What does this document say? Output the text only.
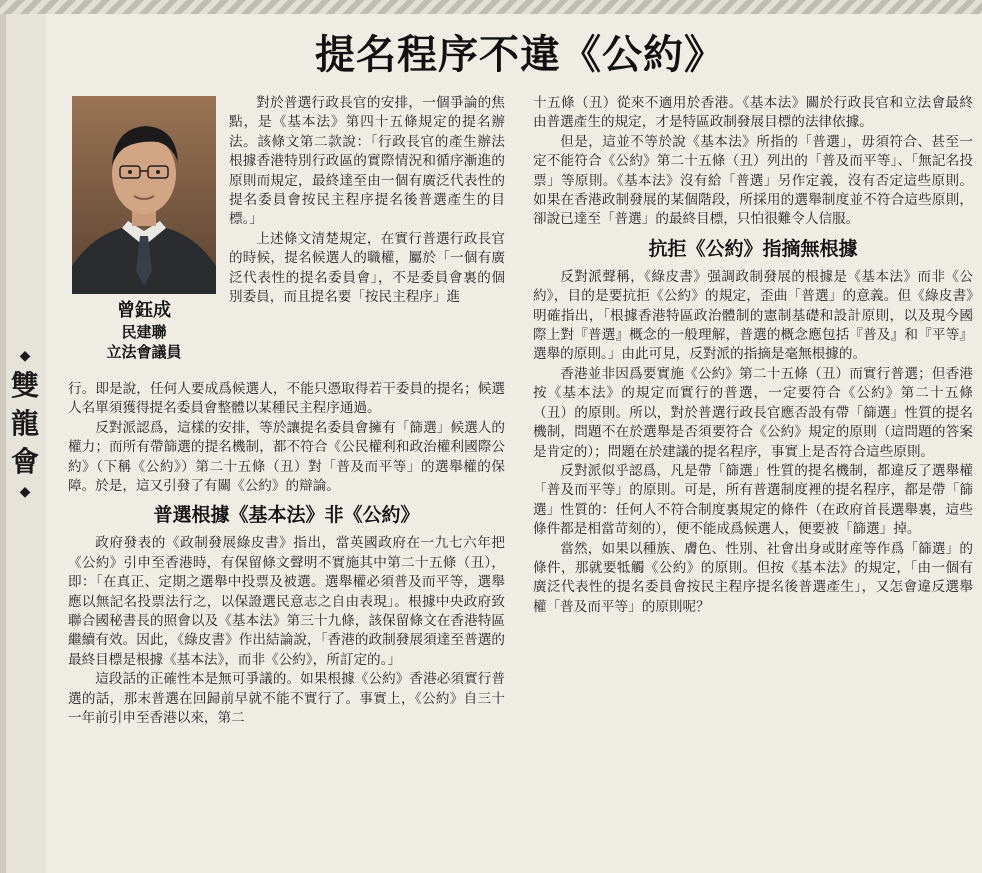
◆
雙
龍
會
◆
提名程序不違《公約》
曾鈺成
民建聯
立法會議員

對於普選行政長官的安排，一個爭論的焦點，是《基本法》第四十五條規定的提名辦法。該條文第二款說：「行政長官的產生辦法根據香港特別行政區的實際情況和循序漸進的原則而規定，最終達至由一個有廣泛代表性的提名委員會按民主程序提名後普選產生的目標。」

上述條文清楚規定，在實行普選行政長官的時候，提名候選人的職權，屬於「一個有廣泛代表性的提名委員會」，不是委員會裏的個別委員，而且提名要「按民主程序」進

行。即是說，任何人要成爲候選人，不能只憑取得若干委員的提名；候選人名單須獲得提名委員會整體以某種民主程序通過。

反對派認爲，這樣的安排，等於讓提名委員會擁有「篩選」候選人的權力；而所有帶篩選的提名機制，都不符合《公民權利和政治權利國際公約》（下稱《公約》）第二十五條（丑）對「普及而平等」的選舉權的保障。於是，這又引發了有關《公約》的辯論。

普選根據《基本法》非《公約》

政府發表的《政制發展綠皮書》指出，當英國政府在一九七六年把《公約》引申至香港時，有保留條文聲明不實施其中第二十五條（丑），即：「在真正、定期之選舉中投票及被選。選舉權必須普及而平等，選舉應以無記名投票法行之，以保證選民意志之自由表現」。根據中央政府致聯合國秘書長的照會以及《基本法》第三十九條，該保留條文在香港特區繼續有效。因此，《綠皮書》作出結論說，「香港的政制發展須達至普選的最終目標是根據《基本法》，而非《公約》，所訂定的。」

這段話的正確性本是無可爭議的。如果根據《公約》香港必須實行普選的話，那末普選在回歸前早就不能不實行了。事實上，《公約》自三十一年前引申至香港以來，第二

十五條（丑）從來不適用於香港。《基本法》關於行政長官和立法會最終由普選產生的規定，才是特區政制發展目標的法律依據。

但是，這並不等於說《基本法》所指的「普選」，毋須符合、甚至一定不能符合《公約》第二十五條（丑）列出的「普及而平等」、「無記名投票」等原則。《基本法》沒有給「普選」另作定義，沒有否定這些原則。如果在香港政制發展的某個階段，所採用的選舉制度並不符合這些原則，卻說已達至「普選」的最終目標，只怕很難令人信服。

抗拒《公約》指摘無根據

反對派聲稱，《綠皮書》强調政制發展的根據是《基本法》而非《公約》，目的是要抗拒《公約》的規定，歪曲「普選」的意義。但《綠皮書》明確指出，「根據香港特區政治體制的憲制基礎和設計原則，以及現今國際上對『普選』概念的一般理解，普選的概念應包括『普及』和『平等』選舉的原則。」由此可見，反對派的指摘是毫無根據的。

香港並非因爲要實施《公約》第二十五條（丑）而實行普選；但香港按《基本法》的規定而實行的普選，一定要符合《公約》第二十五條（丑）的原則。所以，對於普選行政長官應否設有帶「篩選」性質的提名機制，問題不在於選舉是否須要符合《公約》規定的原則（這問題的答案是肯定的）；問題在於建議的提名程序，事實上是否符合這些原則。

反對派似乎認爲，凡是帶「篩選」性質的提名機制，都違反了選舉權「普及而平等」的原則。可是，所有普選制度裡的提名程序，都是帶「篩選」性質的：任何人不符合制度裏規定的條件（在政府首長選舉裏，這些條件都是相當苛刻的），便不能成爲候選人，便要被「篩選」掉。

當然，如果以種族、膚色、性別、社會出身或財産等作爲「篩選」的條件，那就要牴觸《公約》的原則。但按《基本法》的規定，「由一個有廣泛代表性的提名委員會按民主程序提名後普選產生」，又怎會違反選舉權「普及而平等」的原則呢？
